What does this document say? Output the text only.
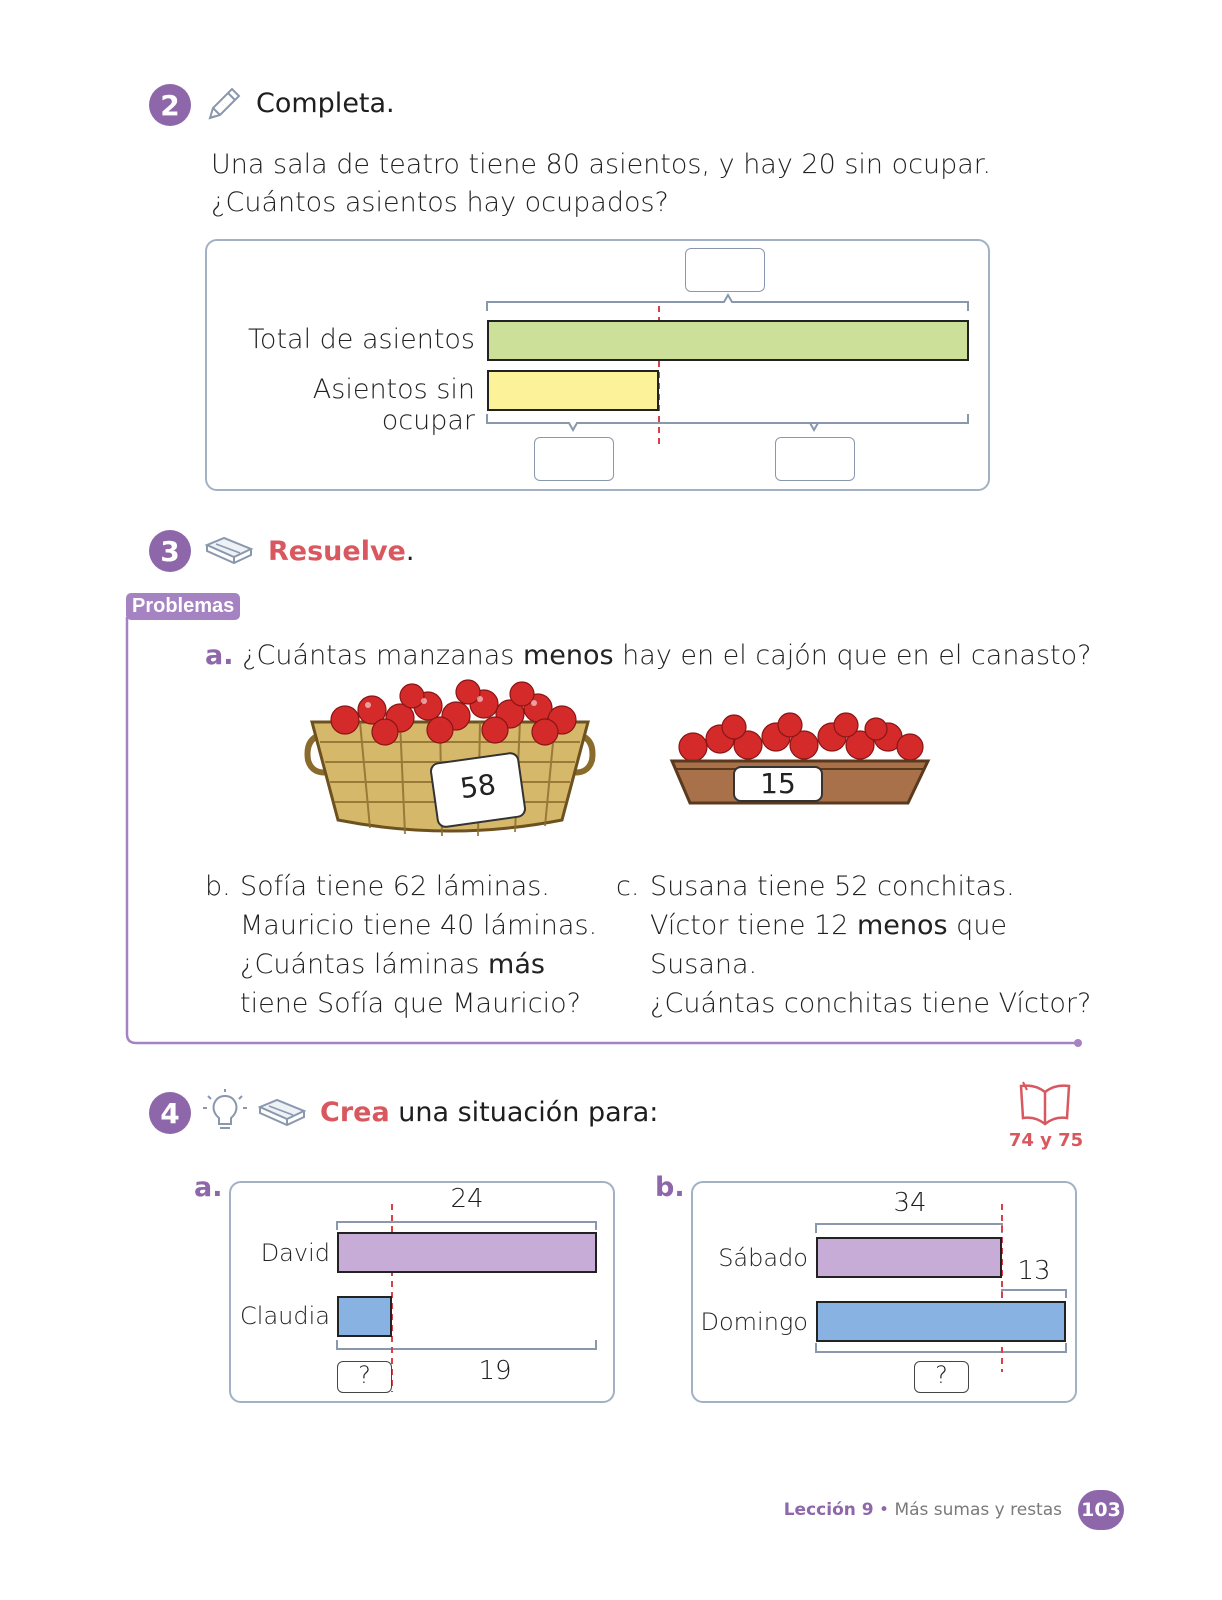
2	Completa.
Una sala de teatro tiene 80 asientos, y hay 20 sin ocupar.
¿Cuántos asientos hay ocupados?
Total de asientos
Asientos sin ocupar
3	Resuelve.
Problemas
a. ¿Cuántas manzanas menos hay en el cajón que en el canasto?
58	15
b. Sofía tiene 62 láminas.
Mauricio tiene 40 láminas.
¿Cuántas láminas más
tiene Sofía que Mauricio?
c. Susana tiene 52 conchitas.
Víctor tiene 12 menos que
Susana.
¿Cuántas conchitas tiene Víctor?
4	Crea una situación para:
74 y 75
a.	24
David
Claudia
?	19
b.	34
Sábado
Domingo
13
?
Lección 9 • Más sumas y restas 103
